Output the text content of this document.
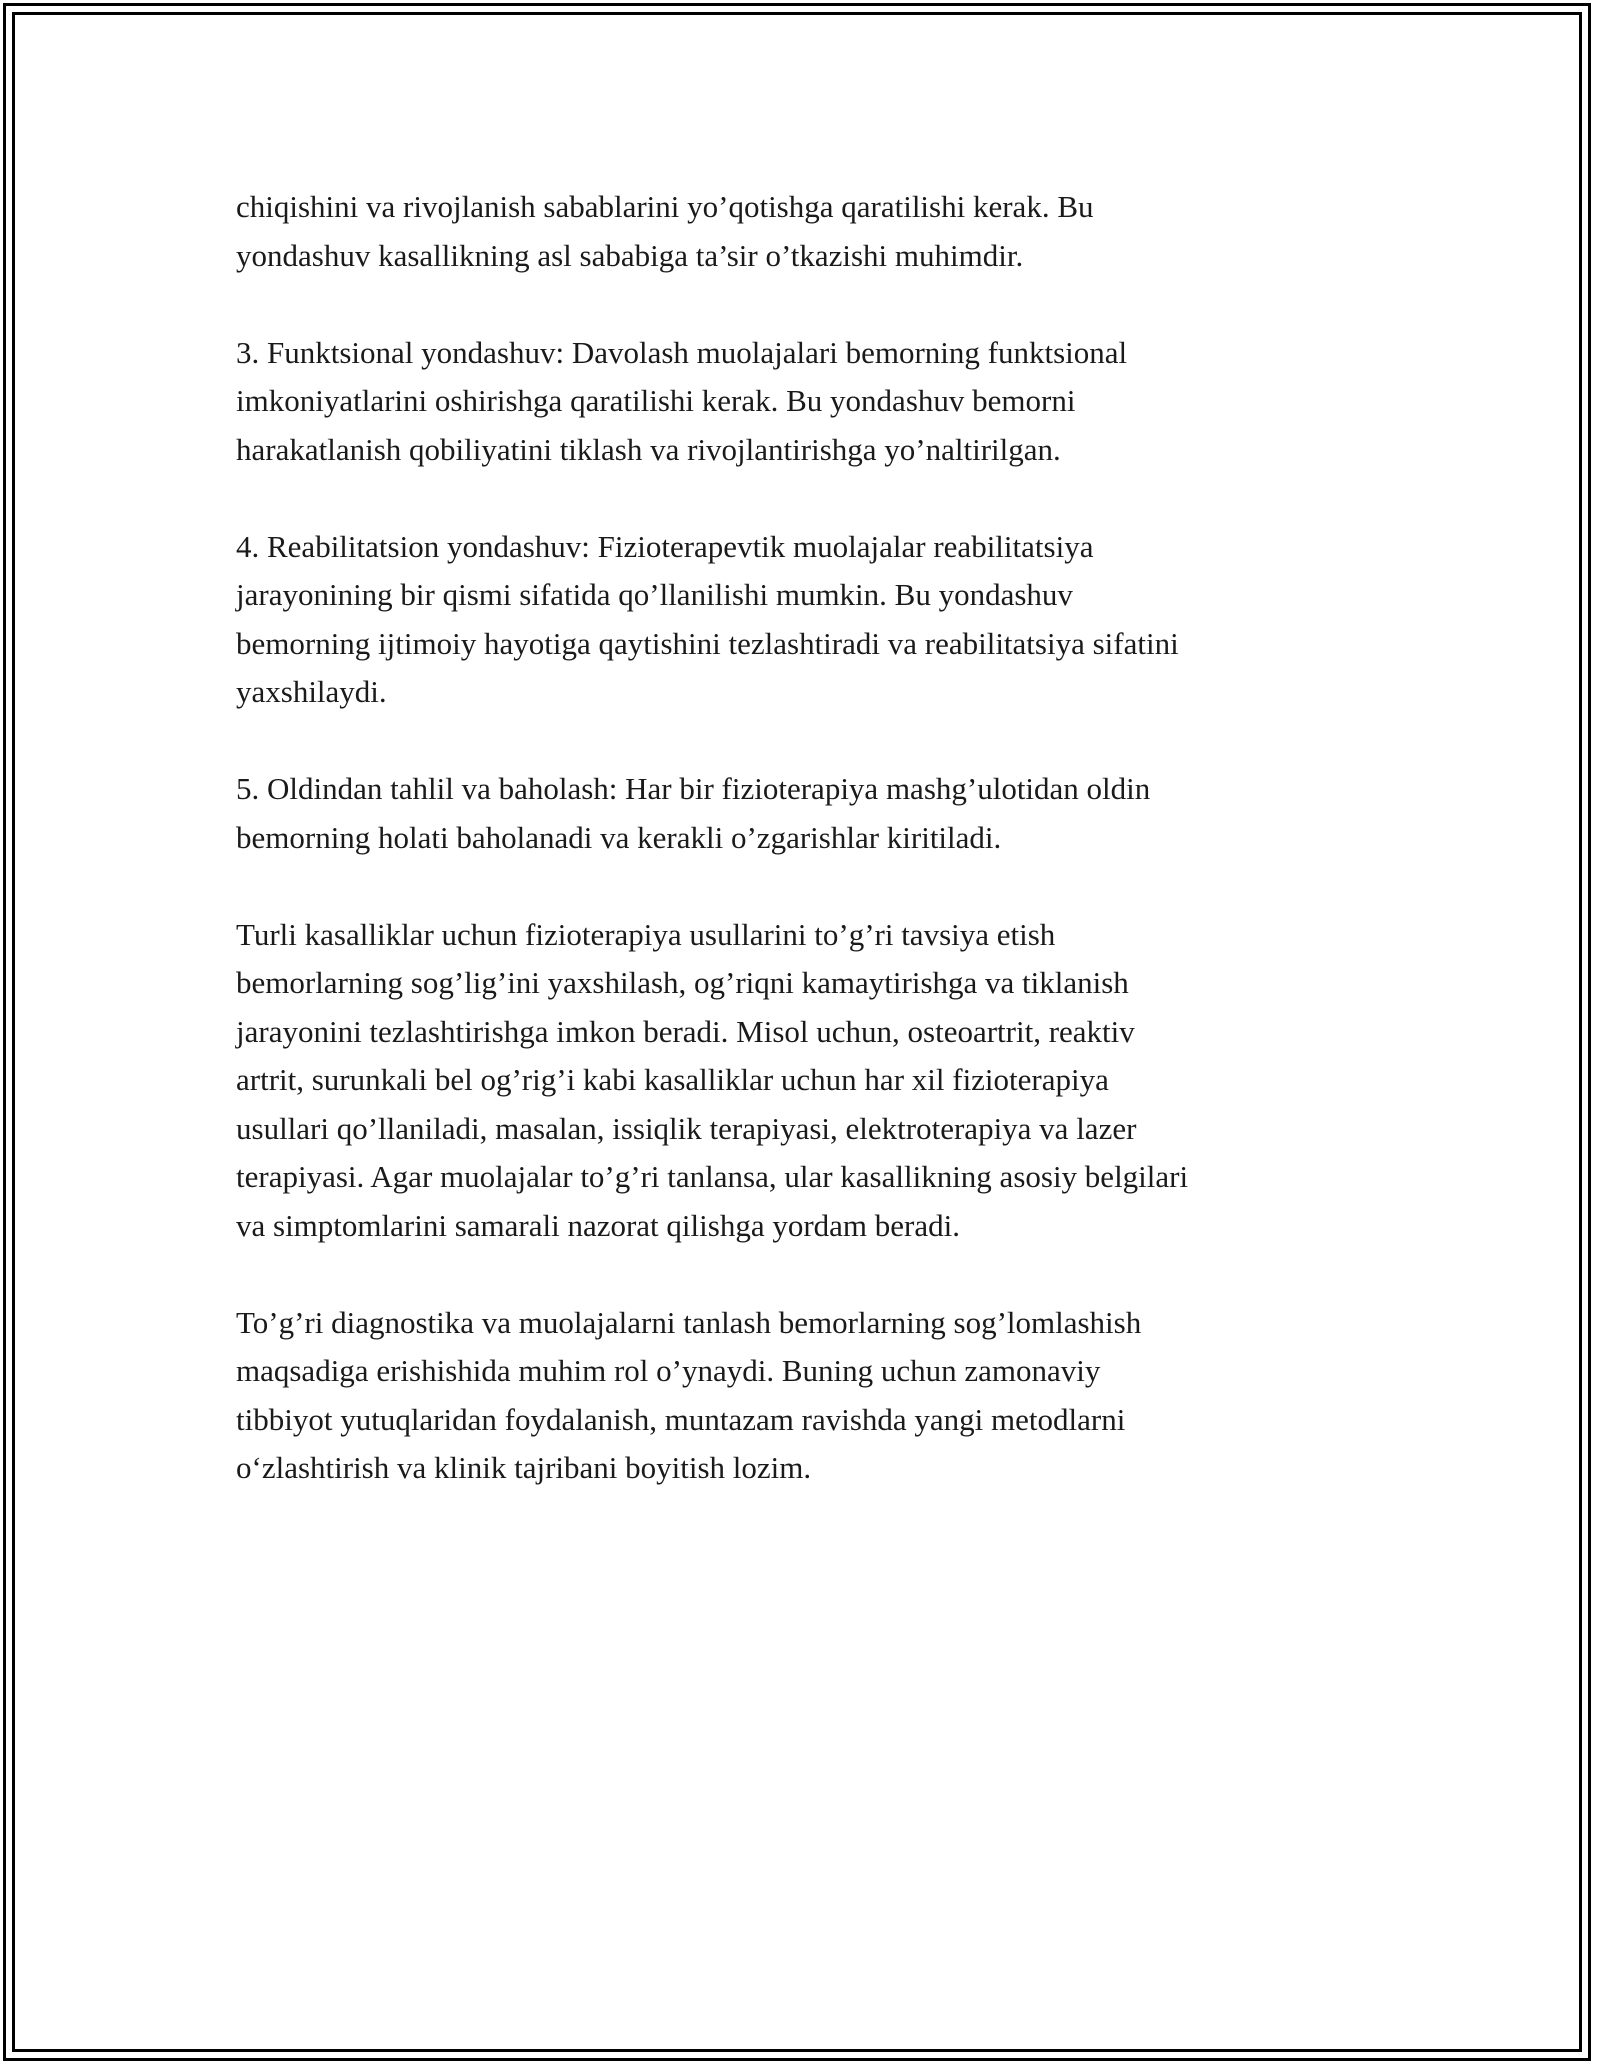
chiqishini va rivojlanish sabablarini yo’qotishga qaratilishi kerak. Bu
yondashuv kasallikning asl sababiga ta’sir o’tkazishi muhimdir.

3. Funktsional yondashuv: Davolash muolajalari bemorning funktsional
imkoniyatlarini oshirishga qaratilishi kerak. Bu yondashuv bemorni
harakatlanish qobiliyatini tiklash va rivojlantirishga yo’naltirilgan.

4. Reabilitatsion yondashuv: Fizioterapevtik muolajalar reabilitatsiya
jarayonining bir qismi sifatida qo’llanilishi mumkin. Bu yondashuv
bemorning ijtimoiy hayotiga qaytishini tezlashtiradi va reabilitatsiya sifatini
yaxshilaydi.

5. Oldindan tahlil va baholash: Har bir fizioterapiya mashg’ulotidan oldin
bemorning holati baholanadi va kerakli o’zgarishlar kiritiladi.

Turli kasalliklar uchun fizioterapiya usullarini to’g’ri tavsiya etish
bemorlarning sog’lig’ini yaxshilash, og’riqni kamaytirishga va tiklanish
jarayonini tezlashtirishga imkon beradi. Misol uchun, osteoartrit, reaktiv
artrit, surunkali bel og’rig’i kabi kasalliklar uchun har xil fizioterapiya
usullari qo’llaniladi, masalan, issiqlik terapiyasi, elektroterapiya va lazer
terapiyasi. Agar muolajalar to’g’ri tanlansa, ular kasallikning asosiy belgilari
va simptomlarini samarali nazorat qilishga yordam beradi.

To’g’ri diagnostika va muolajalarni tanlash bemorlarning sog’lomlashish
maqsadiga erishishida muhim rol o’ynaydi. Buning uchun zamonaviy
tibbiyot yutuqlaridan foydalanish, muntazam ravishda yangi metodlarni
o‘zlashtirish va klinik tajribani boyitish lozim.
